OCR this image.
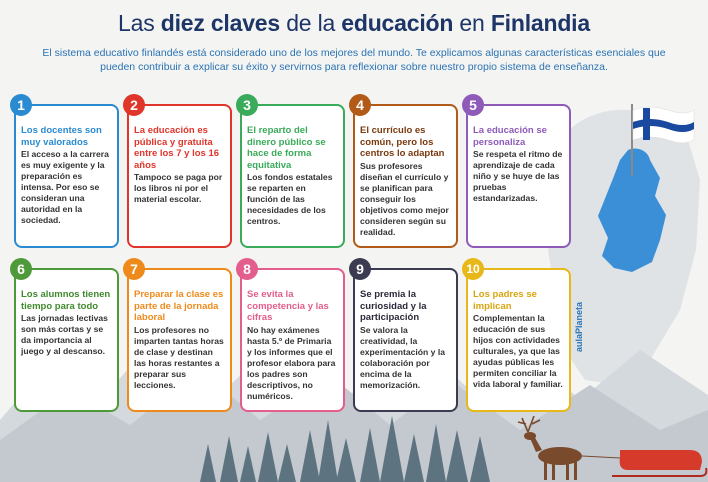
Las diez claves de la educación en Finlandia
El sistema educativo finlandés está considerado uno de los mejores del mundo. Te explicamos algunas características esenciales que pueden contribuir a explicar su éxito y servirnos para reflexionar sobre nuestro propio sistema de enseñanza.
1
Los docentes son muy valorados
El acceso a la carrera es muy exigente y la preparación es intensa. Por eso se consideran una autoridad en la sociedad.
2
La educación es pública y gratuita entre los 7 y los 16 años
Tampoco se paga por los libros ni por el material escolar.
3
El reparto del dinero público se hace de forma equitativa
Los fondos estatales se reparten en función de las necesidades de los centros.
4
El currículo es común, pero los centros lo adaptan
Sus profesores diseñan el currículo y se planifican para conseguir los objetivos como mejor consideren según su realidad.
5
La educación se personaliza
Se respeta el ritmo de aprendizaje de cada niño y se huye de las pruebas estandarizadas.
6
Los alumnos tienen tiempo para todo
Las jornadas lectivas son más cortas y se da importancia al juego y al descanso.
7
Preparar la clase es parte de la jornada laboral
Los profesores no imparten tantas horas de clase y destinan las horas restantes a preparar sus lecciones.
8
Se evita la competencia y las cifras
No hay exámenes hasta 5.º de Primaria y los informes que el profesor elabora para los padres son descriptivos, no numéricos.
9
Se premia la curiosidad y la participación
Se valora la creatividad, la experimentación y la colaboración por encima de la memorización.
10
Los padres se implican
Complementan la educación de sus hijos con actividades culturales, ya que las ayudas públicas les permiten conciliar la vida laboral y familiar.
aulaPlaneta
